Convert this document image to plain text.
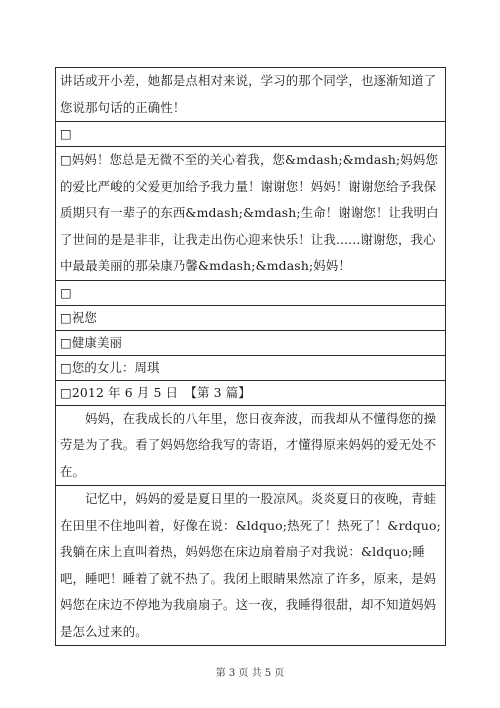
讲话或开小差，她都是点相对来说，学习的那个同学，也逐渐知道了您说那句话的正确性！
□
□妈妈！您总是无微不至的关心着我，您&mdash;&mdash;妈妈您的爱比严峻的父爱更加给予我力量！谢谢您！妈妈！谢谢您给予我保质期只有一辈子的东西&mdash;&mdash;生命！谢谢您！让我明白了世间的是是非非，让我走出伤心迎来快乐！让我......谢谢您，我心中最最美丽的那朵康乃馨&mdash;&mdash;妈妈！
□
□祝您
□健康美丽
□您的女儿：周琪
□2012 年 6 月 5 日　【第 3 篇】
妈妈，在我成长的八年里，您日夜奔波，而我却从不懂得您的操劳是为了我。看了妈妈您给我写的寄语，才懂得原来妈妈的爱无处不在。
记忆中，妈妈的爱是夏日里的一股凉风。炎炎夏日的夜晚，青蛙在田里不住地叫着，好像在说：&ldquo;热死了！热死了！&rdquo;我躺在床上直叫着热，妈妈您在床边扇着扇子对我说：&ldquo;睡吧，睡吧！睡着了就不热了。我闭上眼睛果然凉了许多，原来，是妈妈您在床边不停地为我扇扇子。这一夜，我睡得很甜，却不知道妈妈是怎么过来的。
第 3 页 共 5 页
